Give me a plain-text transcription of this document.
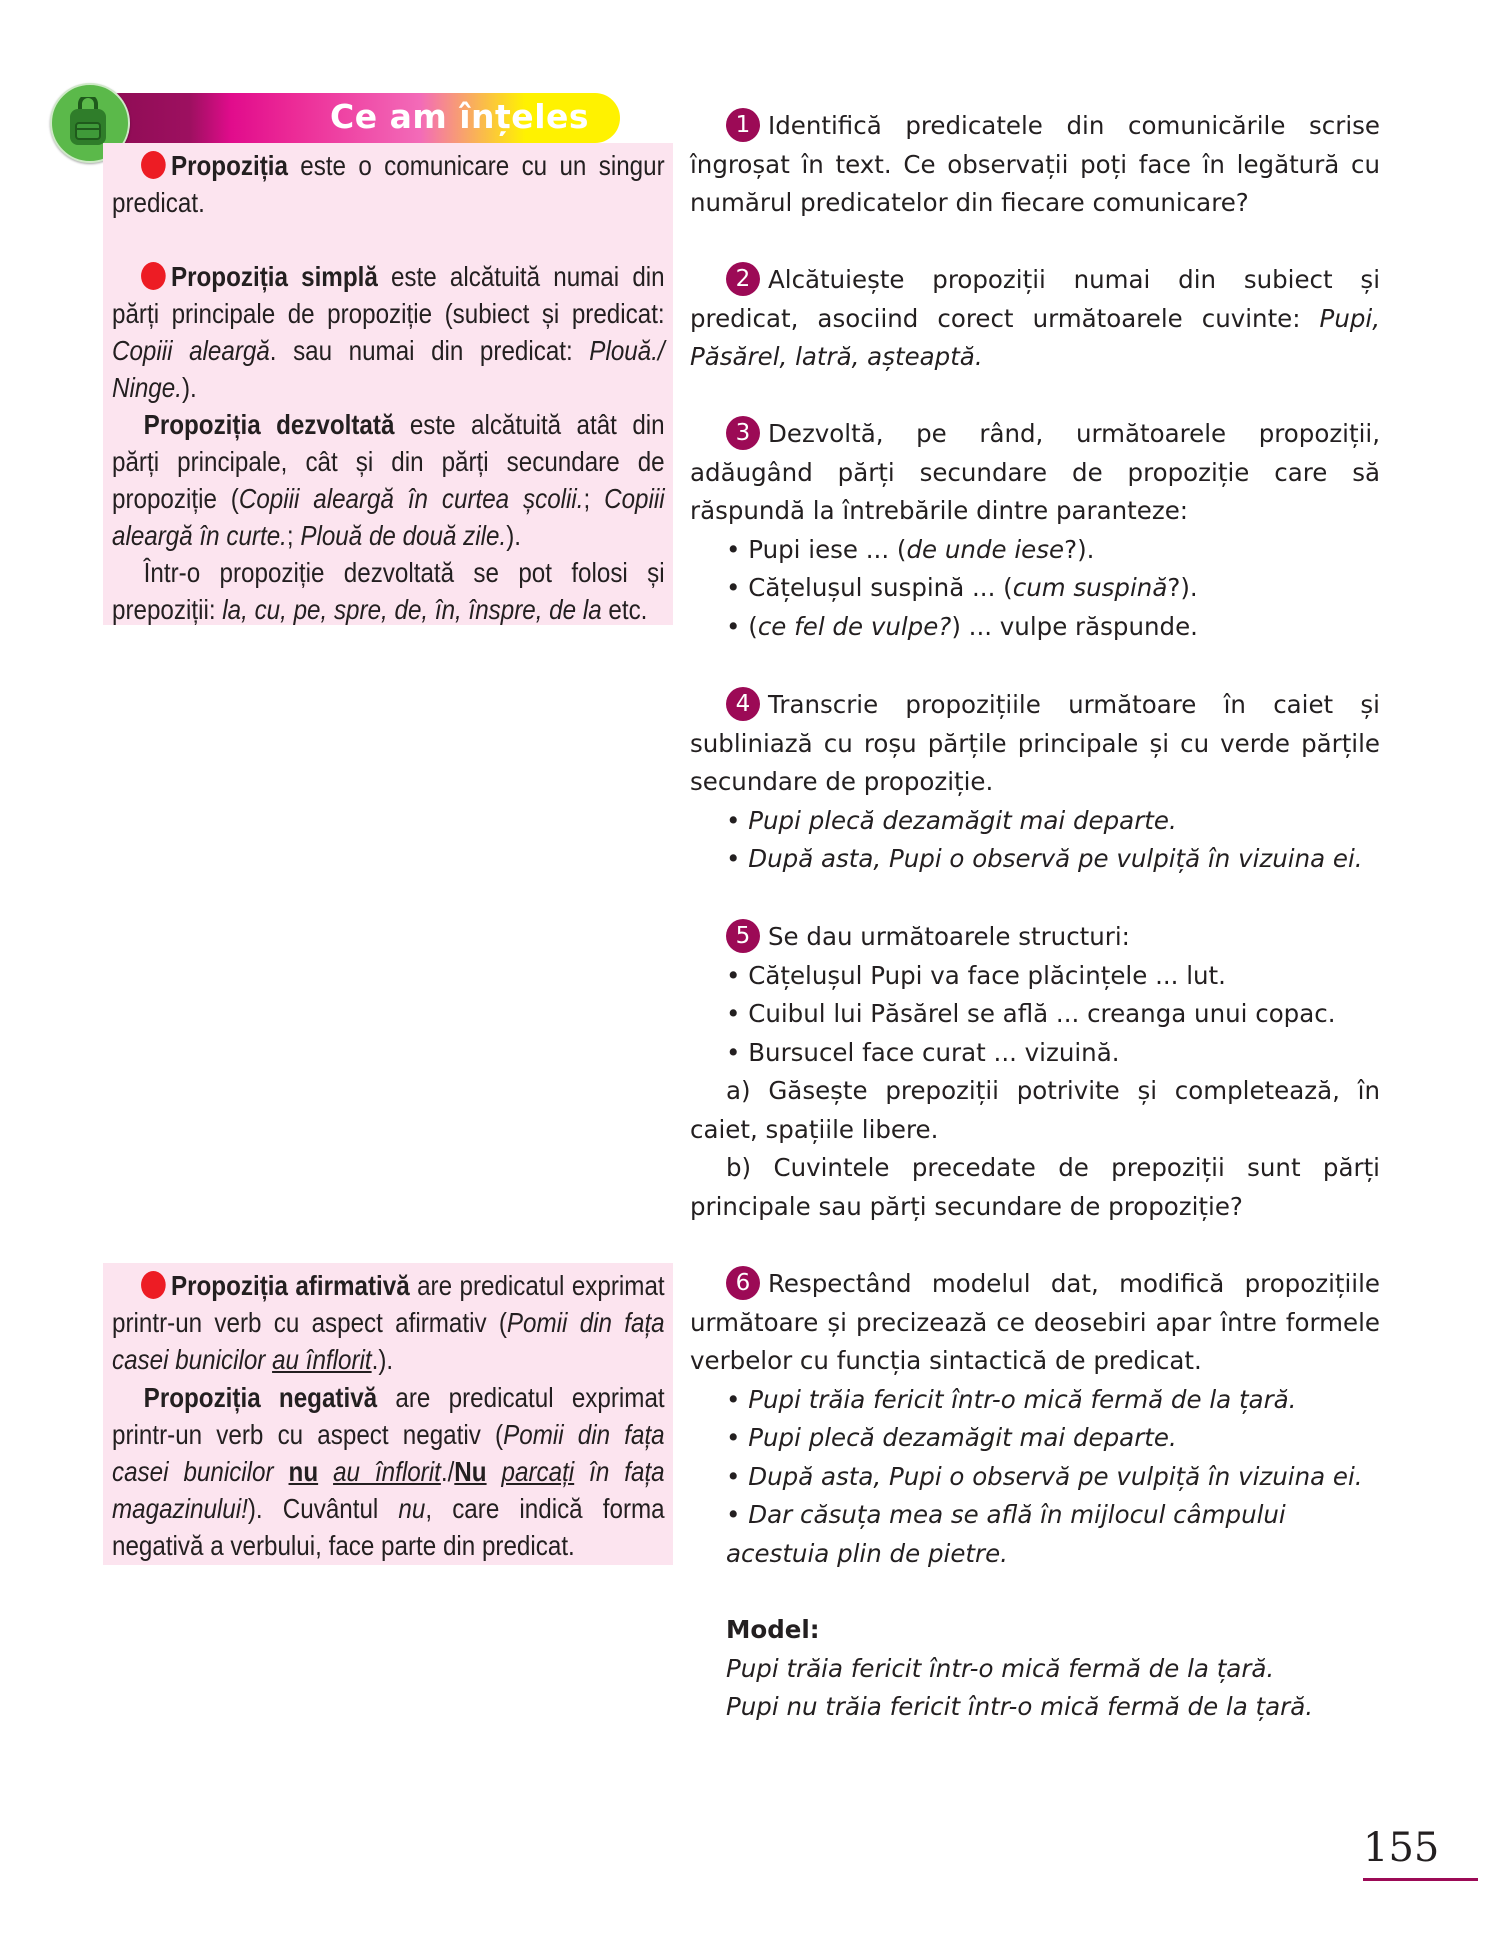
Ce am înțeles

Propoziția este o comunicare cu un singur predicat.

Propoziția simplă este alcătuită numai din părți principale de propoziție (subiect și predicat: Copiii aleargă. sau numai din predicat: Plouă./ Ninge.).

Propoziția dezvoltată este alcătuită atât din părți principale, cât și din părți secundare de propoziție (Copiii aleargă în curtea școlii.; Copiii aleargă în curte.; Plouă de două zile.).

Într-o propoziție dezvoltată se pot folosi și prepoziții: la, cu, pe, spre, de, în, înspre, de la etc.

Propoziția afirmativă are predicatul exprimat printr-un verb cu aspect afirmativ (Pomii din fața casei bunicilor au înflorit.).

Propoziția negativă are predicatul exprimat printr-un verb cu aspect negativ (Pomii din fața casei bunicilor nu au înflorit./Nu parcați în fața magazinului!). Cuvântul nu, care indică forma negativă a verbului, face parte din predicat.

1 Identifică predicatele din comunicările scrise îngroșat în text. Ce observații poți face în legătură cu numărul predicatelor din fiecare comunicare?

2 Alcătuiește propoziții numai din subiect și predicat, asociind corect următoarele cuvinte: Pupi, Păsărel, latră, așteaptă.

3 Dezvoltă, pe rând, următoarele propoziții, adăugând părți secundare de propoziție care să răspundă la întrebările dintre paranteze:
• Pupi iese ... (de unde iese?).
• Cățelușul suspină ... (cum suspină?).
• (ce fel de vulpe?) ... vulpe răspunde.
4 Transcrie propozițiile următoare în caiet și subliniază cu roșu părțile principale și cu verde părțile secundare de propoziție.
• Pupi plecă dezamăgit mai departe.
• După asta, Pupi o observă pe vulpiță în vizuina ei.
5 Se dau următoarele structuri:
• Cățelușul Pupi va face plăcințele ... lut.
• Cuibul lui Păsărel se află ... creanga unui copac.
• Bursucel face curat ... vizuină.
a) Găsește prepoziții potrivite și completează, în caiet, spațiile libere.
b) Cuvintele precedate de prepoziții sunt părți principale sau părți secundare de propoziție?
6 Respectând modelul dat, modifică propozițiile următoare și precizează ce deosebiri apar între formele verbelor cu funcția sintactică de predicat.
• Pupi trăia fericit într-o mică fermă de la țară.
• Pupi plecă dezamăgit mai departe.
• După asta, Pupi o observă pe vulpiță în vizuina ei.
• Dar căsuța mea se află în mijlocul câmpului acestuia plin de pietre.
Model:
Pupi trăia fericit într-o mică fermă de la țară.
Pupi nu trăia fericit într-o mică fermă de la țară.
155
